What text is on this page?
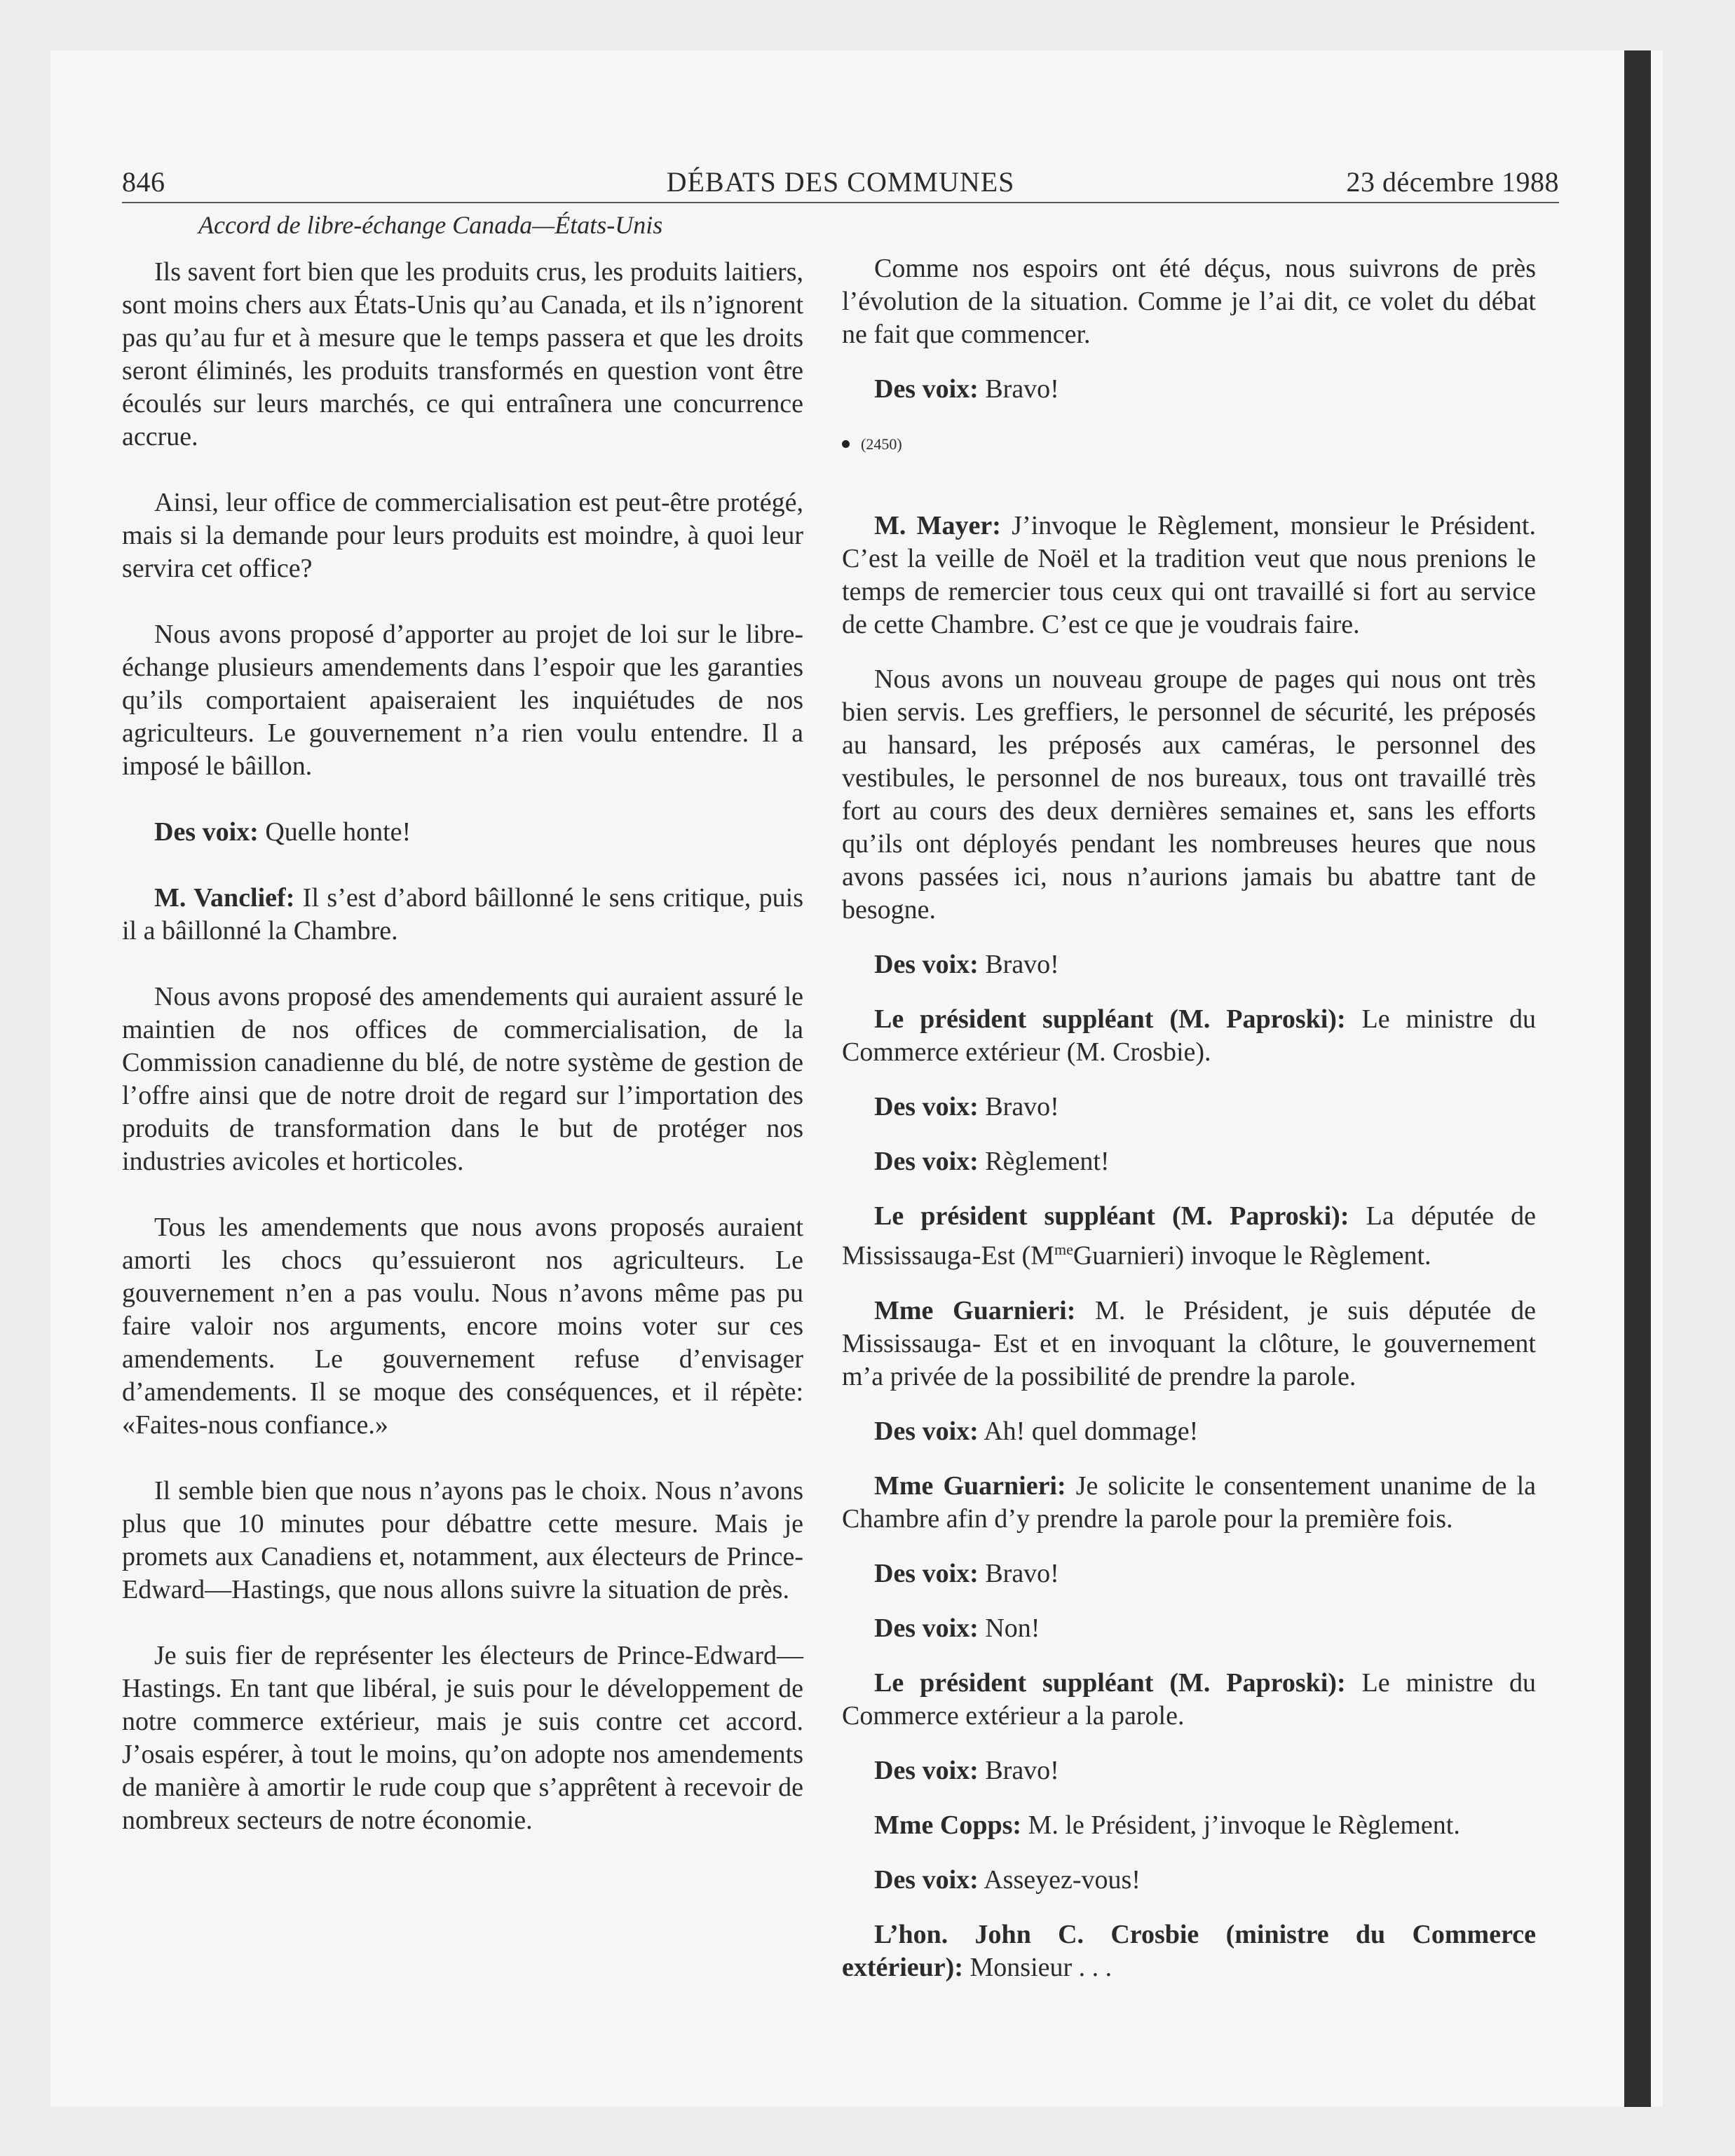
846	DÉBATS DES COMMUNES	23 décembre 1988
Accord de libre-échange Canada—États-Unis

Ils savent fort bien que les produits crus, les produits laitiers, sont moins chers aux États-Unis qu’au Canada, et ils n’ignorent pas qu’au fur et à mesure que le temps passera et que les droits seront éliminés, les produits transformés en question vont être écoulés sur leurs marchés, ce qui entraînera une concurrence accrue.

Ainsi, leur office de commercialisation est peut-être protégé, mais si la demande pour leurs produits est moindre, à quoi leur servira cet office?

Nous avons proposé d’apporter au projet de loi sur le libre-échange plusieurs amendements dans l’espoir que les garanties qu’ils comportaient apaiseraient les inquiétudes de nos agriculteurs. Le gouvernement n’a rien voulu entendre. Il a imposé le bâillon.

Des voix: Quelle honte!

M. Vanclief: Il s’est d’abord bâillonné le sens critique, puis il a bâillonné la Chambre.

Nous avons proposé des amendements qui auraient assuré le maintien de nos offices de commercialisation, de la Commission canadienne du blé, de notre système de gestion de l’offre ainsi que de notre droit de regard sur l’importation des produits de transformation dans le but de protéger nos industries avicoles et horticoles.

Tous les amendements que nous avons proposés auraient amorti les chocs qu’essuieront nos agriculteurs. Le gouvernement n’en a pas voulu. Nous n’avons même pas pu faire valoir nos arguments, encore moins voter sur ces amendements. Le gouvernement refuse d’envisager d’amendements. Il se moque des conséquences, et il répète: «Faites-nous confiance.»

Il semble bien que nous n’ayons pas le choix. Nous n’avons plus que 10 minutes pour débattre cette mesure. Mais je promets aux Canadiens et, notamment, aux électeurs de Prince-Edward—Hastings, que nous allons suivre la situation de près.

Je suis fier de représenter les électeurs de Prince-Edward—Hastings. En tant que libéral, je suis pour le développement de notre commerce extérieur, mais je suis contre cet accord. J’osais espérer, à tout le moins, qu’on adopte nos amendements de manière à amortir le rude coup que s’apprêtent à recevoir de nombreux secteurs de notre économie.

Comme nos espoirs ont été déçus, nous suivrons de près l’évolution de la situation. Comme je l’ai dit, ce volet du débat ne fait que commencer.

Des voix: Bravo!

(2450)

M. Mayer: J’invoque le Règlement, monsieur le Président. C’est la veille de Noël et la tradition veut que nous prenions le temps de remercier tous ceux qui ont travaillé si fort au service de cette Chambre. C’est ce que je voudrais faire.

Nous avons un nouveau groupe de pages qui nous ont très bien servis. Les greffiers, le personnel de sécurité, les préposés au hansard, les préposés aux caméras, le personnel des vestibules, le personnel de nos bureaux, tous ont travaillé très fort au cours des deux dernières semaines et, sans les efforts qu’ils ont déployés pendant les nombreuses heures que nous avons passées ici, nous n’aurions jamais bu abattre tant de besogne.

Des voix: Bravo!

Le président suppléant (M. Paproski): Le ministre du Commerce extérieur (M. Crosbie).

Des voix: Bravo!

Des voix: Règlement!

Le président suppléant (M. Paproski): La députée de Mississauga-Est $(M^{me}Guarnieri)$ invoque le Règlement.

Mme Guarnieri: M. le Président, je suis députée de Mississauga- Est et en invoquant la clôture, le gouvernement m’a privée de la possibilité de prendre la parole.

Des voix: Ah! quel dommage!

Mme Guarnieri: Je solicite le consentement unanime de la Chambre afin d’y prendre la parole pour la première fois.

Des voix: Bravo!

Des voix: Non!

Le président suppléant (M. Paproski): Le ministre du Commerce extérieur a la parole.

Des voix: Bravo!

Mme Copps: M. le Président, j’invoque le Règlement.

Des voix: Asseyez-vous!

L’hon. John C. Crosbie (ministre du Commerce extérieur): Monsieur . . .
